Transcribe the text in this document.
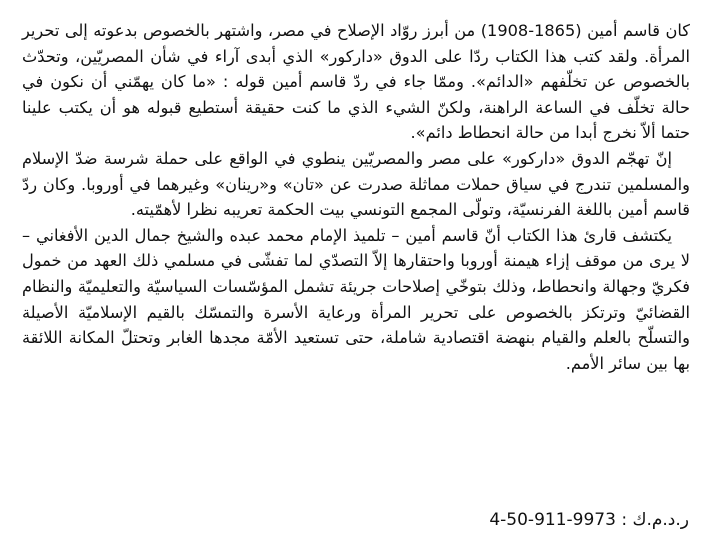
كان قاسم أمين (1865-1908) من أبرز روّاد الإصلاح في مصر، واشتهر بالخصوص بدعوته إلى تحرير المرأة. ولقد كتب هذا الكتاب ردّا على الدوق «داركور» الذي أبدى آراء في شأن المصريّين، وتحدّث بالخصوص عن تخلّفهم «الدائم». وممّا جاء في ردّ قاسم أمين قوله : «ما كان يهمّني أن نكون في حالة تخلّف في الساعة الراهنة، ولكنّ الشيء الذي ما كنت حقيقة أستطيع قبوله هو أن يكتب علينا حتما ألاّ نخرج أبدا من حالة انحطاط دائم».

إنّ تهجّم الدوق «داركور» على مصر والمصريّين ينطوي في الواقع على حملة شرسة ضدّ الإسلام والمسلمين تندرج في سياق حملات مماثلة صدرت عن «تان» و«رينان» وغيرهما في أوروبا. وكان ردّ قاسم أمين باللغة الفرنسيّة، وتولّى المجمع التونسي بيت الحكمة تعريبه نظرا لأهمّيته.

يكتشف قارئ هذا الكتاب أنّ قاسم أمين – تلميذ الإمام محمد عبده والشيخ جمال الدين الأفغاني – لا يرى من موقف إزاء هيمنة أوروبا واحتقارها إلاّ التصدّي لما تفشّى في مسلمي ذلك العهد من خمول فكريّ وجهالة وانحطاط، وذلك بتوخّي إصلاحات جريئة تشمل المؤسّسات السياسيّة والتعليميّة والنظام القضائيّ وترتكز بالخصوص على تحرير المرأة ورعاية الأسرة والتمسّك بالقيم الإسلاميّة الأصيلة والتسلّح بالعلم والقيام بنهضة اقتصادية شاملة، حتى تستعيد الأمّة مجدها الغابر وتحتلّ المكانة اللائقة بها بين سائر الأمم.

ر.د.م.ك : 9973-911-50-4
